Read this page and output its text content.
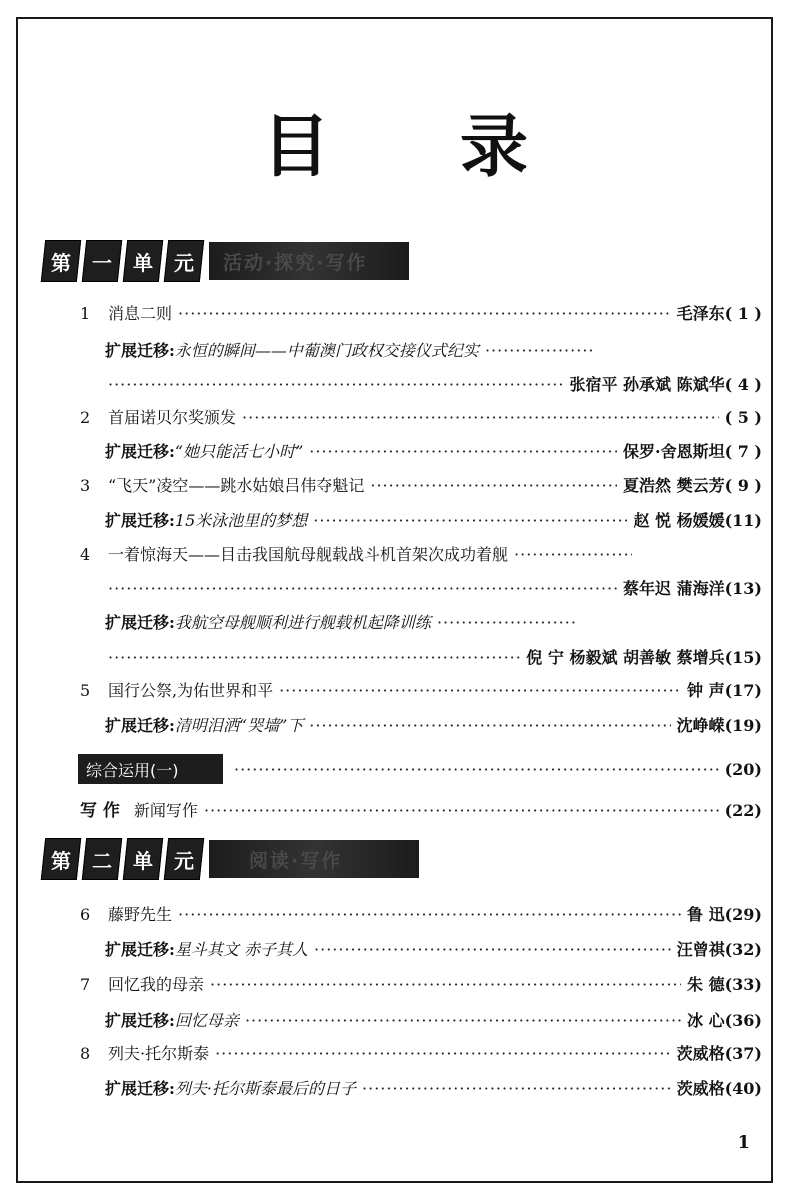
目 录
第 一 单 元	活动·探究·写作
1	消息二则 ·····	毛泽东( 1 )
扩展迁移: 永恒的瞬间——中葡澳门政权交接仪式纪实
·····
·····
张宿平 孙承斌 陈斌华( 4 )
2	首届诺贝尔奖颁发 ·····	( 5 )
扩展迁移: “她只能活七小时” ·····	保罗·舍恩斯坦( 7 )
3	“飞天”凌空——跳水姑娘吕伟夺魁记 ·····	夏浩然 樊云芳( 9 )
扩展迁移: 15米泳池里的梦想 ·····	赵 悦 杨媛媛(11)
4	一着惊海天——目击我国航母舰载战斗机首架次成功着舰
·····
·····
蔡年迟 蒲海洋(13)
扩展迁移: 我航空母舰顺利进行舰载机起降训练
·····
·····
倪 宁 杨毅斌 胡善敏 蔡增兵(15)
5	国行公祭,为佑世界和平 ·····	钟 声(17)
扩展迁移: 清明泪洒“哭墙”下 ·····	沈峥嵘(19)
综合运用(一) ·····	(20)
写 作 新闻写作 ·····	(22)
第 二 单 元	阅读·写作
6	藤野先生 ·····	鲁 迅(29)
扩展迁移: 星斗其文 赤子其人 ·····	汪曾祺(32)
7	回忆我的母亲 ·····	朱 德(33)
扩展迁移: 回忆母亲 ·····	冰 心(36)
8	列夫·托尔斯泰 ·····	茨威格(37)
扩展迁移: 列夫·托尔斯泰最后的日子 ·····	茨威格(40)
1
